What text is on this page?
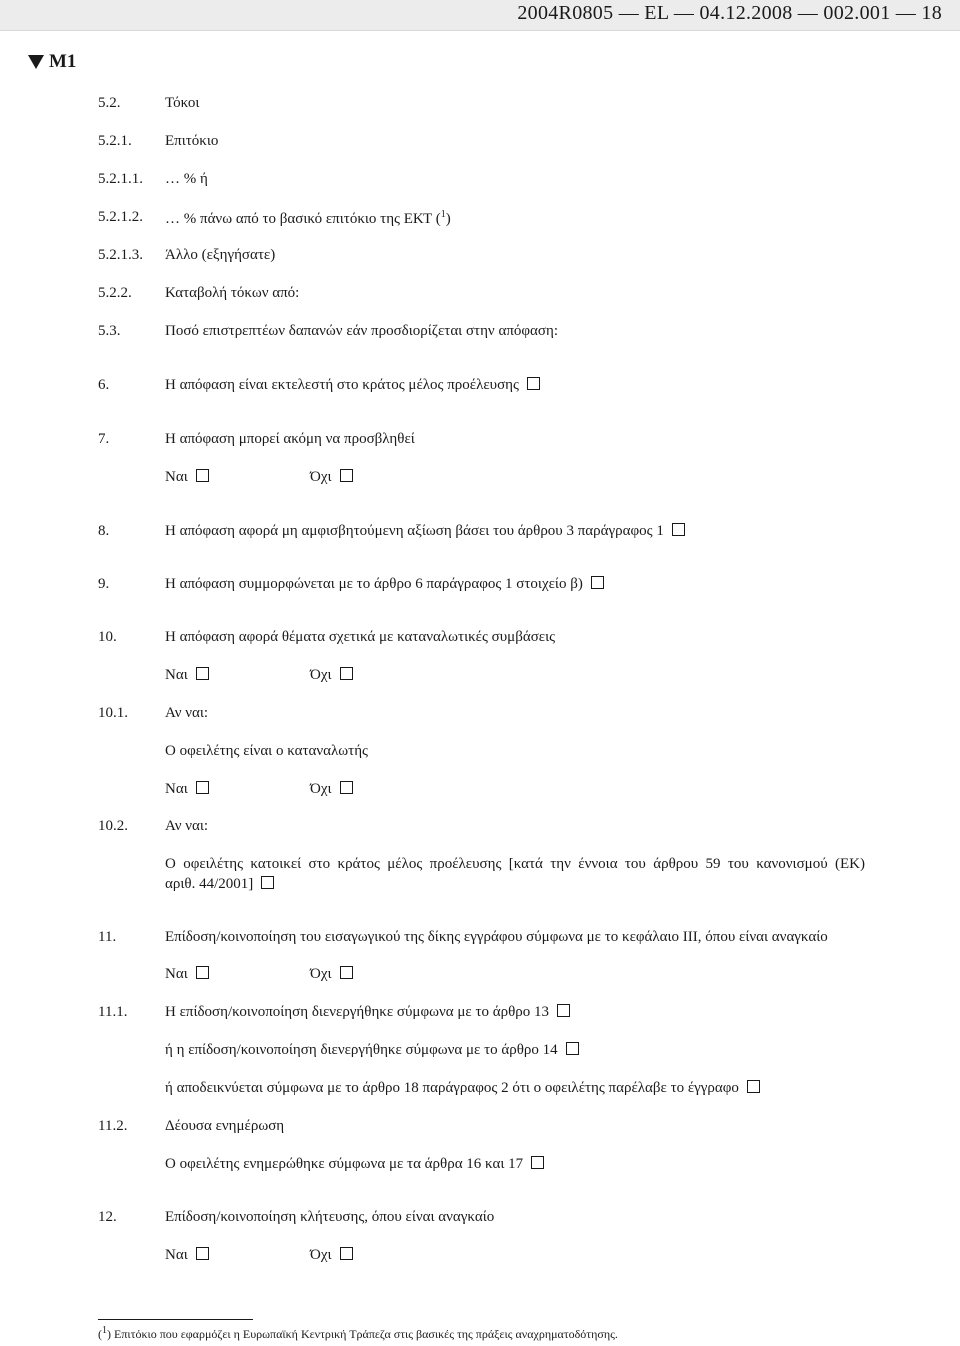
2004R0805 — EL — 04.12.2008 — 002.001 — 18
M1
5.2.	Τόκοι
5.2.1. Επιτόκιο
5.2.1.1. … % ή
5.2.1.2. … % πάνω από το βασικό επιτόκιο της ΕΚΤ ($^1$)
5.2.1.3. Άλλο (εξηγήσατε)
5.2.2. Καταβολή τόκων από:
5.3.	Ποσό επιστρεπτέων δαπανών εάν προσδιορίζεται στην απόφαση:
6.	Η απόφαση είναι εκτελεστή στο κράτος μέλος προέλευσης
7.	Η απόφαση μπορεί ακόμη να προσβληθεί
Ναι	Όχι
8.	Η απόφαση αφορά μη αμφισβητούμενη αξίωση βάσει του άρθρου 3 παράγραφος 1
9.	Η απόφαση συμμορφώνεται με το άρθρο 6 παράγραφος 1 στοιχείο β)
10.	Η απόφαση αφορά θέματα σχετικά με καταναλωτικές συμβάσεις
Ναι	Όχι
10.1. Αν ναι:
Ο οφειλέτης είναι ο καταναλωτής
Ναι	Όχι
10.2. Αν ναι:
Ο οφειλέτης κατοικεί στο κράτος μέλος προέλευσης [κατά την έννοια του άρθρου 59 του κανονισμού (ΕΚ)
αριθ. 44/2001]
11.	Επίδοση/κοινοποίηση του εισαγωγικού της δίκης εγγράφου σύμφωνα με το κεφάλαιο III, όπου είναι αναγκαίο
Ναι	Όχι
11.1.	Η επίδοση/κοινοποίηση διενεργήθηκε σύμφωνα με το άρθρο 13
ή η επίδοση/κοινοποίηση διενεργήθηκε σύμφωνα με το άρθρο 14
ή αποδεικνύεται σύμφωνα με το άρθρο 18 παράγραφος 2 ότι ο οφειλέτης παρέλαβε το έγγραφο
11.2.	Δέουσα ενημέρωση
Ο οφειλέτης ενημερώθηκε σύμφωνα με τα άρθρα 16 και 17
12.	Επίδοση/κοινοποίηση κλήτευσης, όπου είναι αναγκαίο
Ναι	Όχι
($^1$) Επιτόκιο που εφαρμόζει η Ευρωπαϊκή Κεντρική Τράπεζα στις βασικές της πράξεις αναχρηματοδότησης.
